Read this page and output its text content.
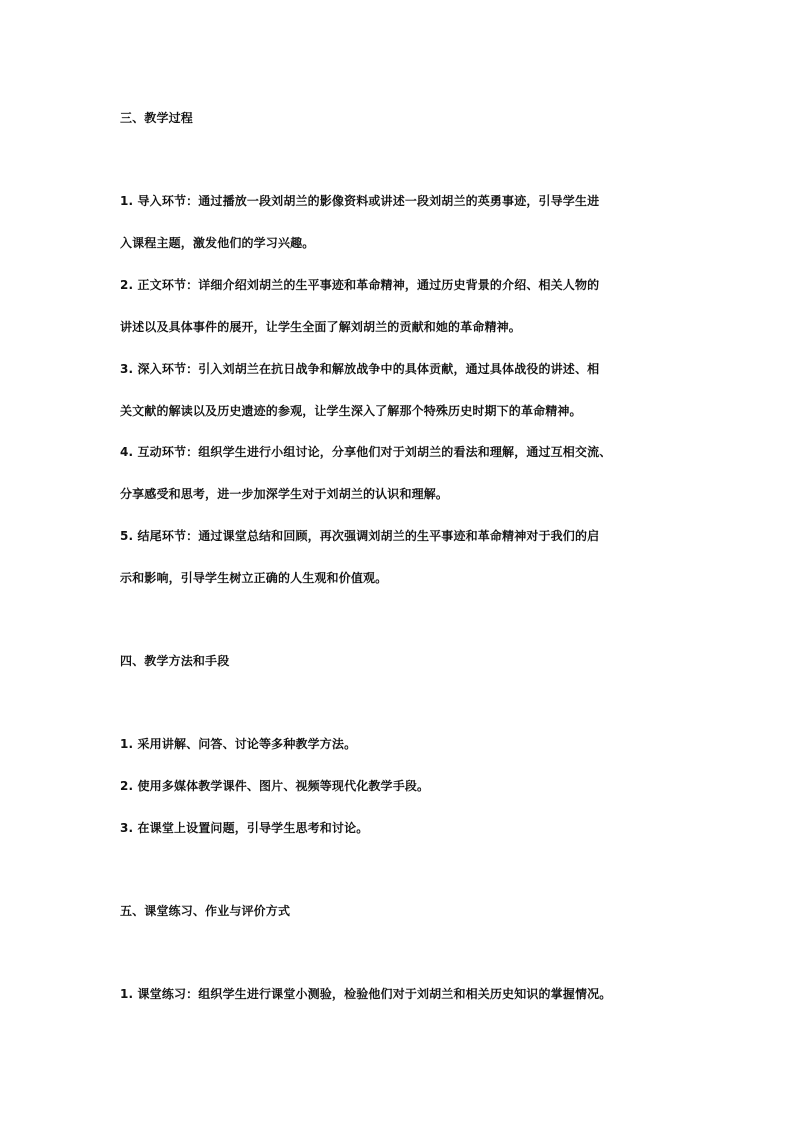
三、教学过程
1. 导入环节：通过播放一段刘胡兰的影像资料或讲述一段刘胡兰的英勇事迹，引导学生进
入课程主题，激发他们的学习兴趣。
2. 正文环节：详细介绍刘胡兰的生平事迹和革命精神，通过历史背景的介绍、相关人物的
讲述以及具体事件的展开，让学生全面了解刘胡兰的贡献和她的革命精神。
3. 深入环节：引入刘胡兰在抗日战争和解放战争中的具体贡献，通过具体战役的讲述、相
关文献的解读以及历史遗迹的参观，让学生深入了解那个特殊历史时期下的革命精神。
4. 互动环节：组织学生进行小组讨论，分享他们对于刘胡兰的看法和理解，通过互相交流、
分享感受和思考，进一步加深学生对于刘胡兰的认识和理解。
5. 结尾环节：通过课堂总结和回顾，再次强调刘胡兰的生平事迹和革命精神对于我们的启
示和影响，引导学生树立正确的人生观和价值观。
四、教学方法和手段
1. 采用讲解、问答、讨论等多种教学方法。
2. 使用多媒体教学课件、图片、视频等现代化教学手段。
3. 在课堂上设置问题，引导学生思考和讨论。
五、课堂练习、作业与评价方式
1. 课堂练习：组织学生进行课堂小测验，检验他们对于刘胡兰和相关历史知识的掌握情况。
